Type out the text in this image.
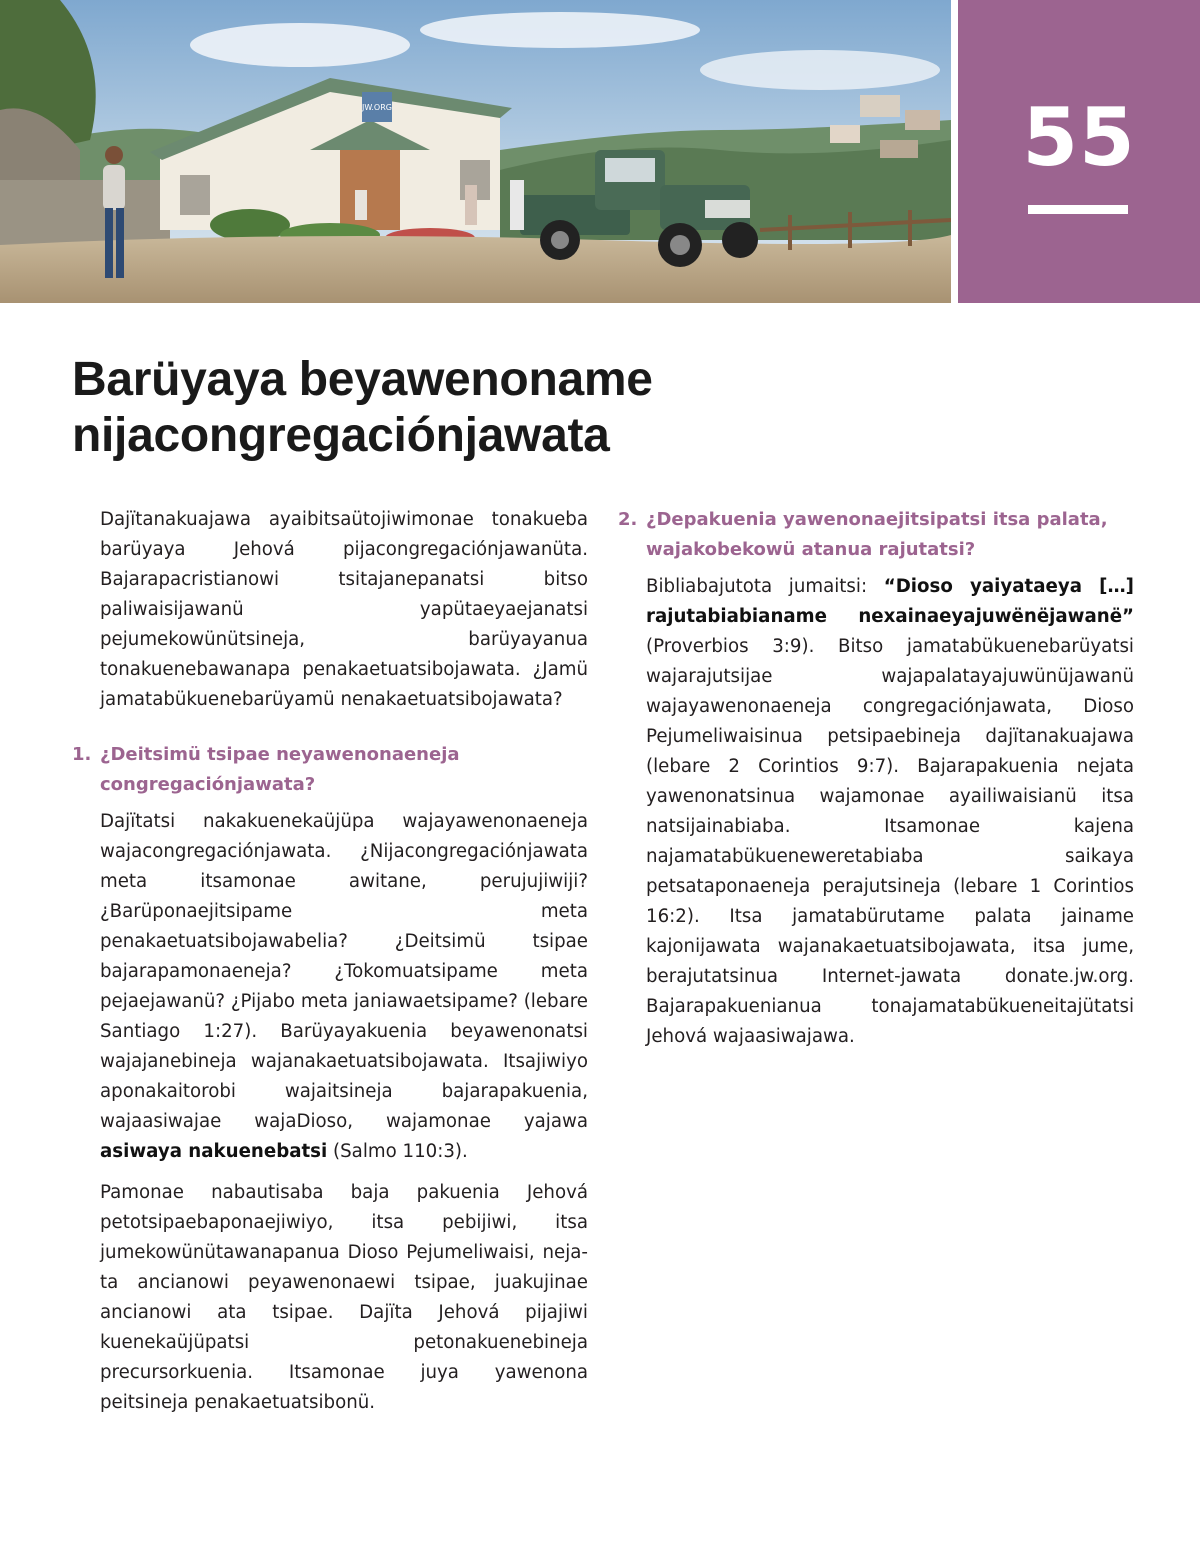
JW.ORG	55
Barüyaya beyawenoname nijacongregaciónjawata

Dajïtanakuajawa ayaibitsaütojiwimonae tonakueba barüyaya Jehová pijacongregaciónjawanüta. Bajarapacristianowi tsitajanepanatsi bitso paliwaisijawanü yapütaeyaejanatsi pejumekowünütsineja, barüyayanua tonakuenebawanapa penakaetuatsibojawata. ¿Jamü jamatabükuenebarüyamü nenakaetuatsibojawata?

1. ¿Deitsimü tsipae neyawenonaeneja congregaciónjawata?

Dajïtatsi nakakuenekaüjüpa wajayawenonaeneja wajacongregaciónjawata. ¿Nijacongregaciónjawata meta itsamonae awitane, perujujiwiji? ¿Barüponaejitsipame meta penakaetuatsibojawabelia? ¿Deitsimü tsipae bajarapamonaeneja? ¿Tokomuatsipame meta pejaejawanü? ¿Pijabo meta janiawaetsipame? (lebare Santiago 1:27). Barüyayakuenia beyawenonatsi wajajanebineja wajanakaetuatsibojawata. Itsajiwiyo aponakaitorobi wajaitsineja bajarapakuenia, wajaasiwajae wajaDioso, wajamonae yajawa asiwaya nakuenebatsi (Salmo 110:3).

Pamonae nabautisaba baja pakuenia Jehová petotsipaebaponaejiwiyo, itsa pebijiwi, itsa jumekowünütawanapanua Dioso Pejumeliwaisi, nejata ancianowi peyawenonaewi tsipae, juakujinae ancianowi ata tsipae. Dajïta Jehová pijajiwi kuenekaüjüpatsi petonakuenebineja precursorkuenia. Itsamonae juya yawenona peitsineja penakaetuatsibonü.

2. ¿Depakuenia yawenonaejitsipatsi itsa palata, wajakobekowü atanua rajutatsi?

Bibliabajutota jumaitsi: “Dioso yaiyataeya […] rajutabiabianame nexainaeyajuwënëjawanë” (Proverbios 3:9). Bitso jamatabükuenebarüyatsi wajarajutsijae wajapalatayajuwünüjawanü wajayawenonaeneja congregaciónjawata, Dioso Pejumeliwaisinua petsipaebineja dajïtanakuajawa (lebare 2 Corintios 9:7). Bajarapakuenia nejata yawenonatsinua wajamonae ayailiwaisianü itsa natsijainabiaba. Itsamonae kajena najamatabükueneweretabiaba saikaya petsataponaeneja perajutsineja (lebare 1 Corintios 16:2). Itsa jamatabürutame palata jainame kajonijawata wajanakaetuatsibojawata, itsa jume, berajutatsinua Internet-jawata donate.jw.org. Bajarapakuenianua tonajamatabükueneitajütatsi Jehová wajaasiwajawa.
